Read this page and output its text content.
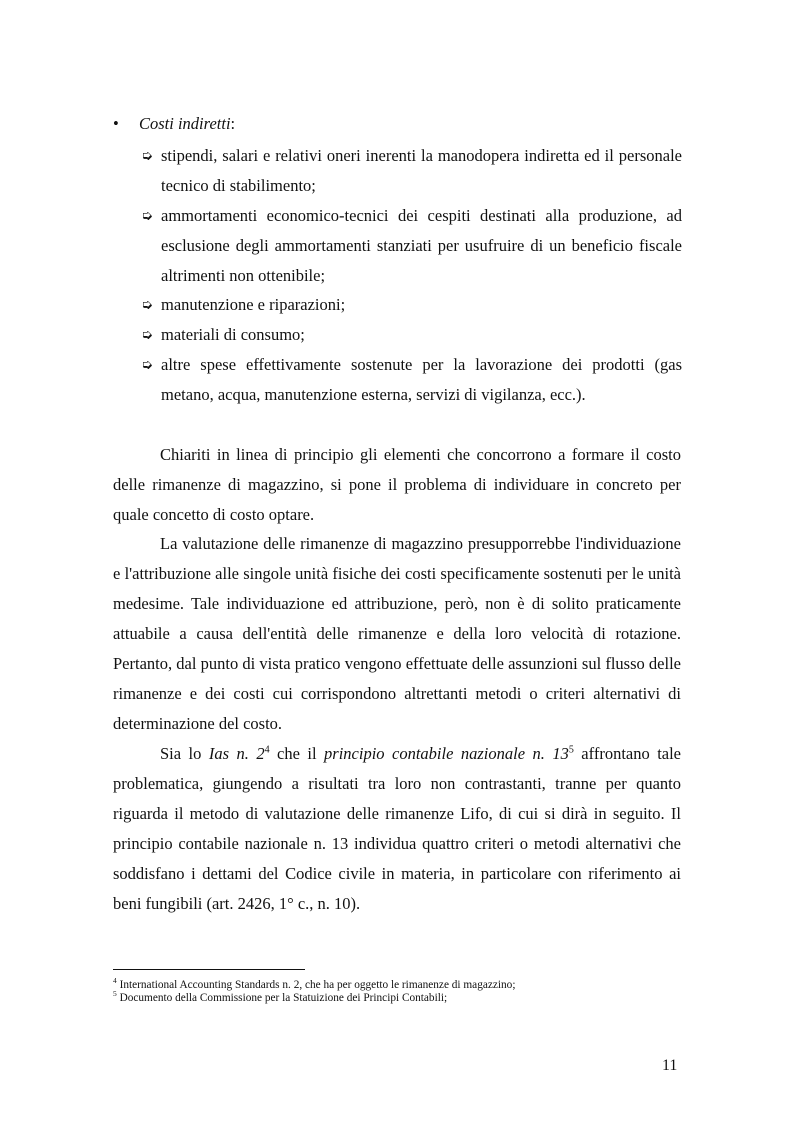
• Costi indiretti:
➭ stipendi, salari e relativi oneri inerenti la manodopera indiretta ed il personale tecnico di stabilimento;
➭ ammortamenti economico-tecnici dei cespiti destinati alla produzione, ad esclusione degli ammortamenti stanziati per usufruire di un beneficio fiscale altrimenti non ottenibile;
➭ manutenzione e riparazioni;
➭ materiali di consumo;
➭ altre spese effettivamente sostenute per la lavorazione dei prodotti (gas metano, acqua, manutenzione esterna, servizi di vigilanza, ecc.).

Chiariti in linea di principio gli elementi che concorrono a formare il costo delle rimanenze di magazzino, si pone il problema di individuare in concreto per quale concetto di costo optare.

La valutazione delle rimanenze di magazzino presupporrebbe l'individuazione e l'attribuzione alle singole unità fisiche dei costi specificamente sostenuti per le unità medesime. Tale individuazione ed attribuzione, però, non è di solito praticamente attuabile a causa dell'entità delle rimanenze e della loro velocità di rotazione. Pertanto, dal punto di vista pratico vengono effettuate delle assunzioni sul flusso delle rimanenze e dei costi cui corrispondono altrettanti metodi o criteri alternativi di determinazione del costo.

Sia lo Ias n. $2^4$ che il principio contabile nazionale n. $13^5$ affrontano tale problematica, giungendo a risultati tra loro non contrastanti, tranne per quanto riguarda il metodo di valutazione delle rimanenze Lifo, di cui si dirà in seguito. Il principio contabile nazionale n. 13 individua quattro criteri o metodi alternativi che soddisfano i dettami del Codice civile in materia, in particolare con riferimento ai beni fungibili (art. 2426, 1° c., n. 10).

$^4$ International Accounting Standards n. 2, che ha per oggetto le rimanenze di magazzino;
$^5$ Documento della Commissione per la Statuizione dei Principi Contabili;
11
